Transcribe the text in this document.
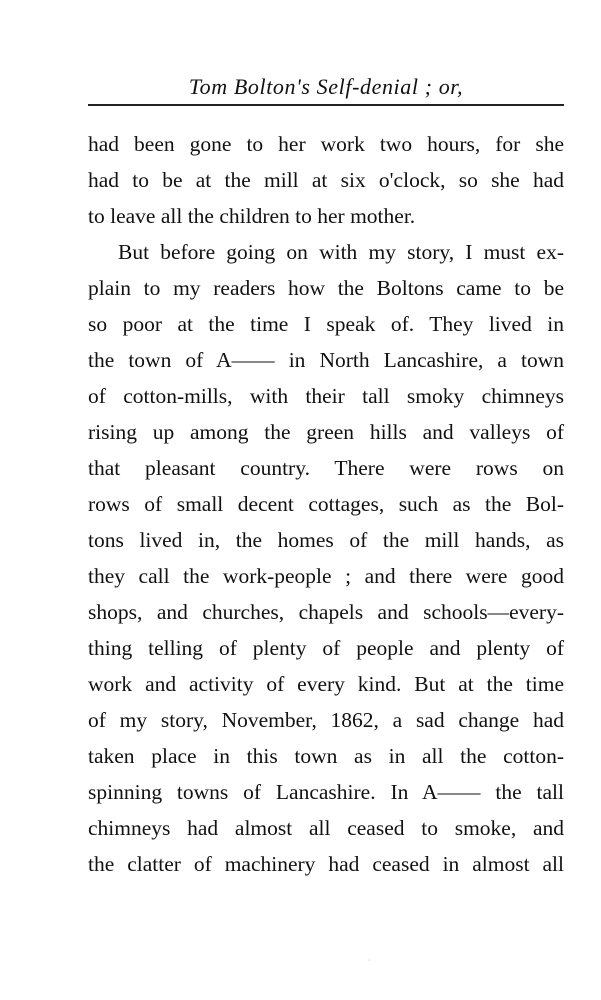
Tom Bolton's Self-denial ; or,
had been gone to her work two hours, for she
had to be at the mill at six o'clock, so she had
to leave all the children to her mother.
But before going on with my story, I must ex-
plain to my readers how the Boltons came to be
so poor at the time I speak of. They lived in
the town of A—— in North Lancashire, a town
of cotton-mills, with their tall smoky chimneys
rising up among the green hills and valleys of
that pleasant country. There were rows on
rows of small decent cottages, such as the Bol-
tons lived in, the homes of the mill hands, as
they call the work-people ; and there were good
shops, and churches, chapels and schools—every-
thing telling of plenty of people and plenty of
work and activity of every kind. But at the time
of my story, November, 1862, a sad change had
taken place in this town as in all the cotton-
spinning towns of Lancashire. In A—— the tall
chimneys had almost all ceased to smoke, and
the clatter of machinery had ceased in almost all
·
